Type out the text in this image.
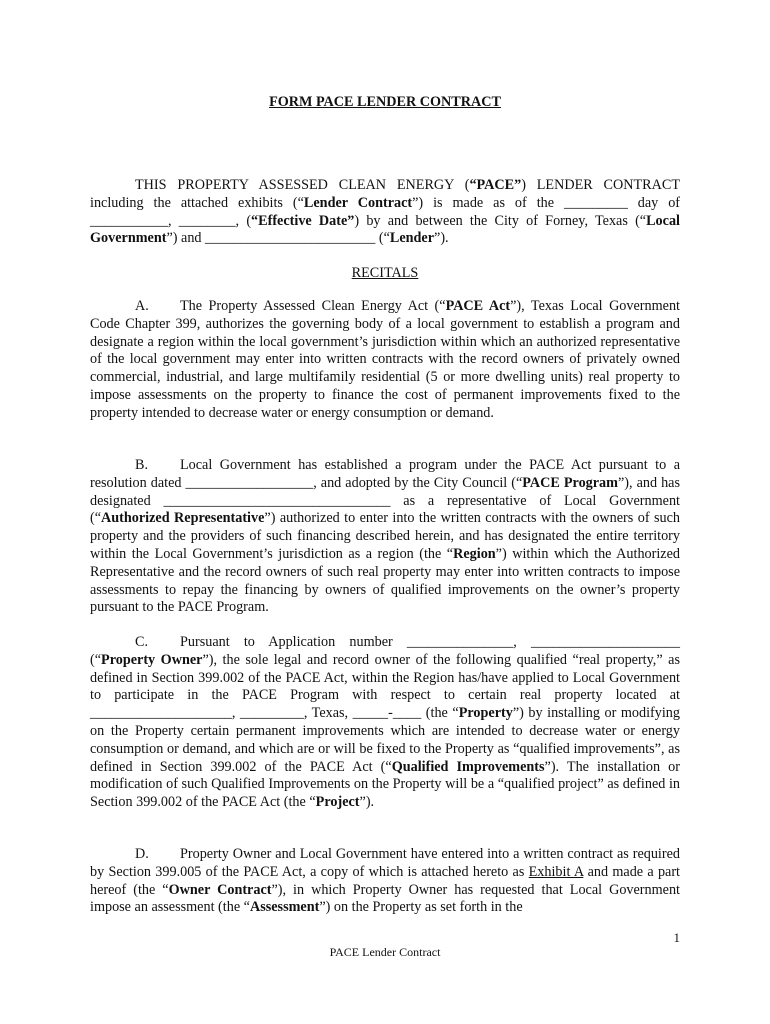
FORM PACE LENDER CONTRACT
THIS PROPERTY ASSESSED CLEAN ENERGY (“PACE”) LENDER CONTRACT including the attached exhibits (“Lender Contract”) is made as of the _________ day of ___________, ________, (“Effective Date”) by and between the City of Forney, Texas (“Local Government”) and ________________________ (“Lender”).
RECITALS
A. The Property Assessed Clean Energy Act (“PACE Act”), Texas Local Government Code Chapter 399, authorizes the governing body of a local government to establish a program and designate a region within the local government’s jurisdiction within which an authorized representative of the local government may enter into written contracts with the record owners of privately owned commercial, industrial, and large multifamily residential (5 or more dwelling units) real property to impose assessments on the property to finance the cost of permanent improvements fixed to the property intended to decrease water or energy consumption or demand.
B. Local Government has established a program under the PACE Act pursuant to a resolution dated __________________, and adopted by the City Council (“PACE Program”), and has designated ________________________________ as a representative of Local Government (“Authorized Representative”) authorized to enter into the written contracts with the owners of such property and the providers of such financing described herein, and has designated the entire territory within the Local Government’s jurisdiction as a region (the “Region”) within which the Authorized Representative and the record owners of such real property may enter into written contracts to impose assessments to repay the financing by owners of qualified improvements on the owner’s property pursuant to the PACE Program.
C. Pursuant to Application number _______________, _____________________ (“Property Owner”), the sole legal and record owner of the following qualified “real property,” as defined in Section 399.002 of the PACE Act, within the Region has/have applied to Local Government to participate in the PACE Program with respect to certain real property located at ____________________, _________, Texas, _____-____ (the “Property”) by installing or modifying on the Property certain permanent improvements which are intended to decrease water or energy consumption or demand, and which are or will be fixed to the Property as “qualified improvements”, as defined in Section 399.002 of the PACE Act (“Qualified Improvements”). The installation or modification of such Qualified Improvements on the Property will be a “qualified project” as defined in Section 399.002 of the PACE Act (the “Project”).
D. Property Owner and Local Government have entered into a written contract as required by Section 399.005 of the PACE Act, a copy of which is attached hereto as Exhibit A and made a part hereof (the “Owner Contract”), in which Property Owner has requested that Local Government impose an assessment (the “Assessment”) on the Property as set forth in the
1
PACE Lender Contract
